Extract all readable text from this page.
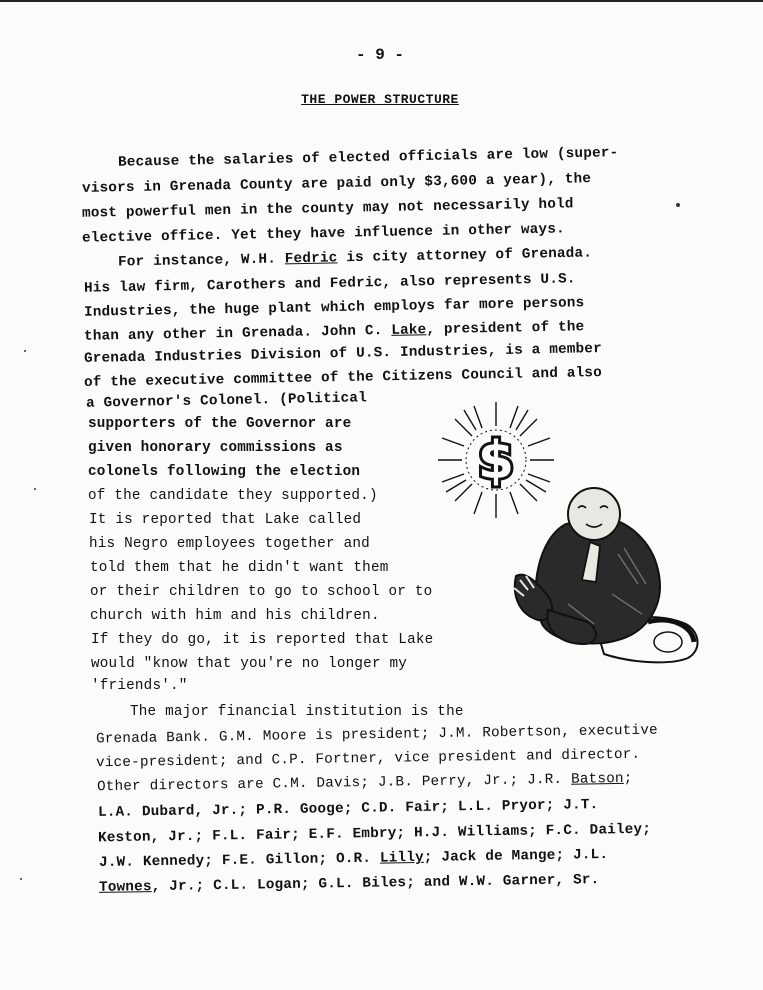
- 9 -
THE POWER STRUCTURE
Because the salaries of elected officials are low (super-
visors in Grenada County are paid only $3,600 a year), the
most powerful men in the county may not necessarily hold
elective office. Yet they have influence in other ways.
For instance, W.H. Fedric is city attorney of Grenada.
His law firm, Carothers and Fedric, also represents U.S.
Industries, the huge plant which employs far more persons
than any other in Grenada. John C. Lake, president of the
Grenada Industries Division of U.S. Industries, is a member
of the executive committee of the Citizens Council and also
a Governor's Colonel. (Political
supporters of the Governor are
given honorary commissions as
colonels following the election
of the candidate they supported.)
It is reported that Lake called
his Negro employees together and
told them that he didn't want them
or their children to go to school or to
church with him and his children.
If they do go, it is reported that Lake
would "know that you're no longer my
'friends'."
The major financial institution is the
Grenada Bank. G.M. Moore is president; J.M. Robertson, executive
vice-president; and C.P. Fortner, vice president and director.
Other directors are C.M. Davis; J.B. Perry, Jr.; J.R. Batson;
L.A. Dubard, Jr.; P.R. Googe; C.D. Fair; L.L. Pryor; J.T.
Keston, Jr.; F.L. Fair; E.F. Embry; H.J. Williams; F.C. Dailey;
J.W. Kennedy; F.E. Gillon; O.R. Lilly; Jack de Mange; J.L.
Townes, Jr.; C.L. Logan; G.L. Biles; and W.W. Garner, Sr.
$
